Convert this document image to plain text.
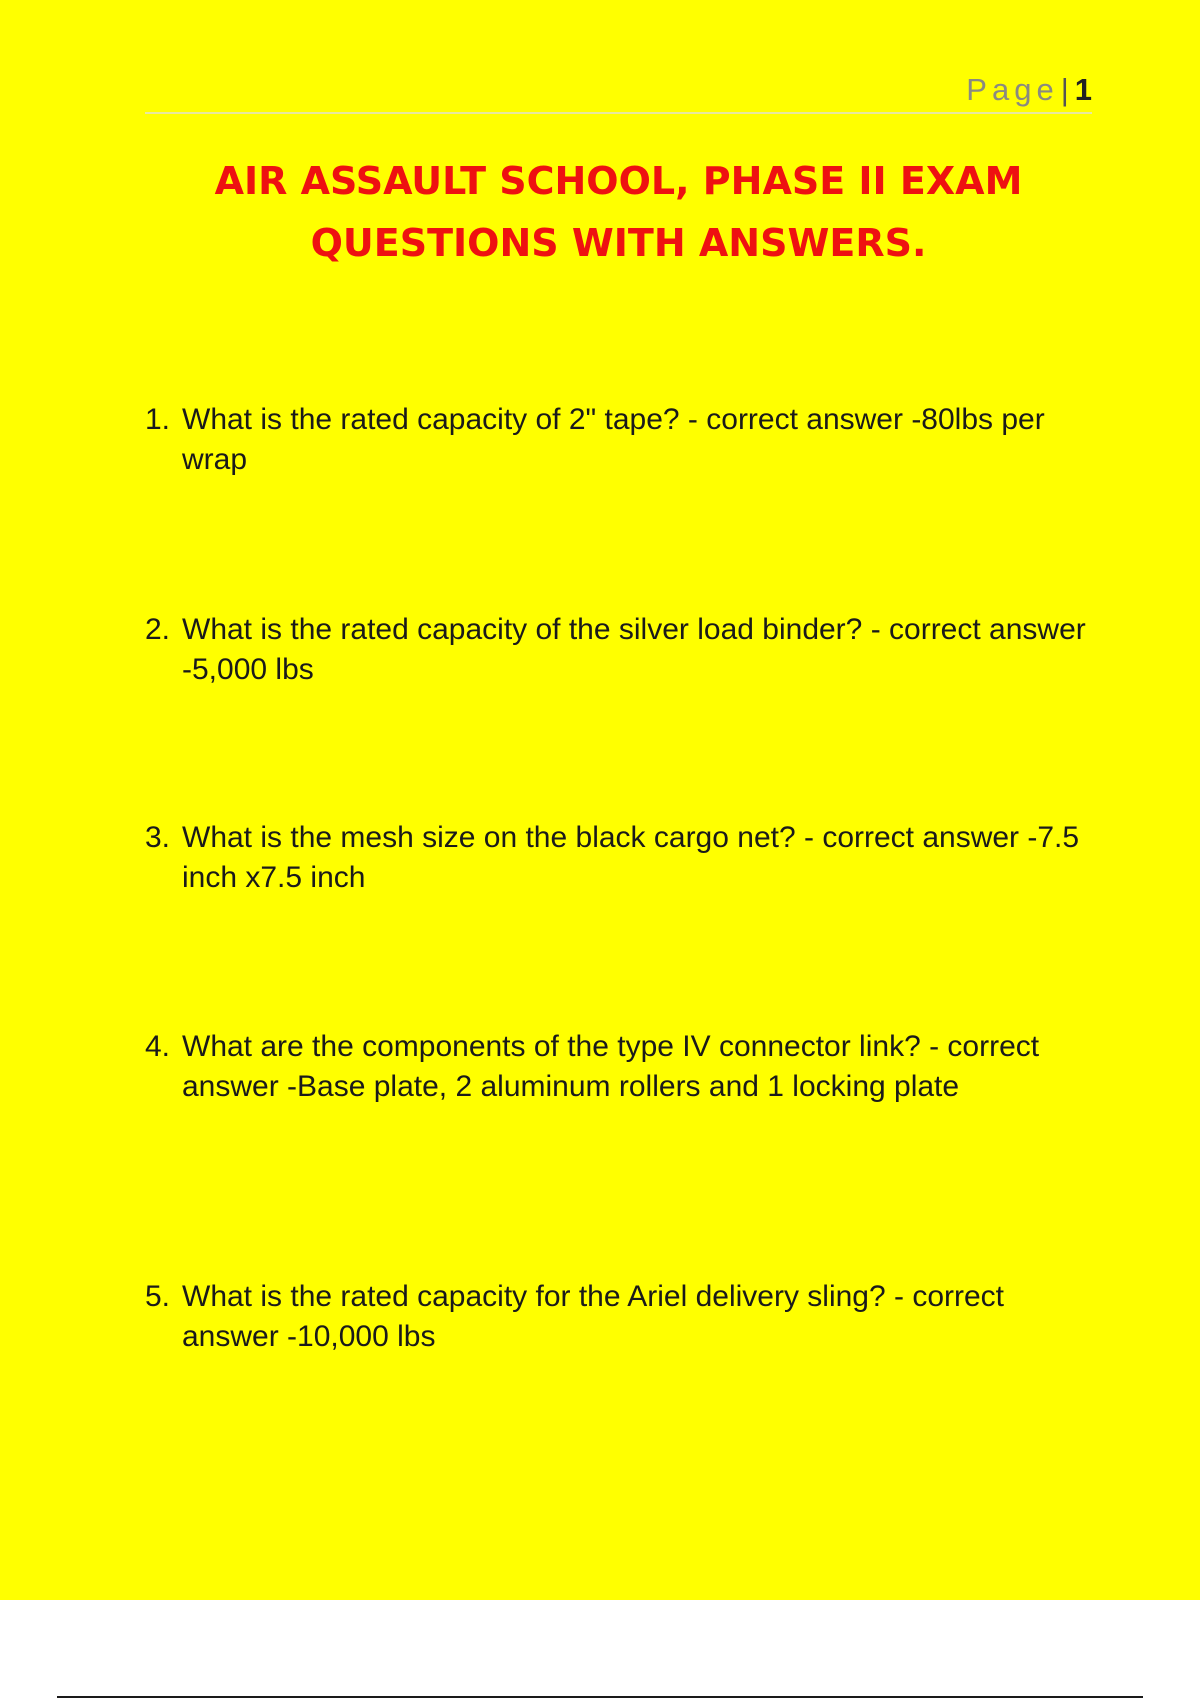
Page| 1
AIR ASSAULT SCHOOL, PHASE II EXAM
QUESTIONS WITH ANSWERS.
1. What is the rated capacity of 2" tape? - correct answer -80lbs per wrap
2. What is the rated capacity of the silver load binder? - correct answer -5,000 lbs
3. What is the mesh size on the black cargo net? - correct answer -7.5 inch x7.5 inch
4. What are the components of the type IV connector link? - correct answer -Base plate, 2 aluminum rollers and 1 locking plate
5. What is the rated capacity for the Ariel delivery sling? - correct answer -10,000 lbs
